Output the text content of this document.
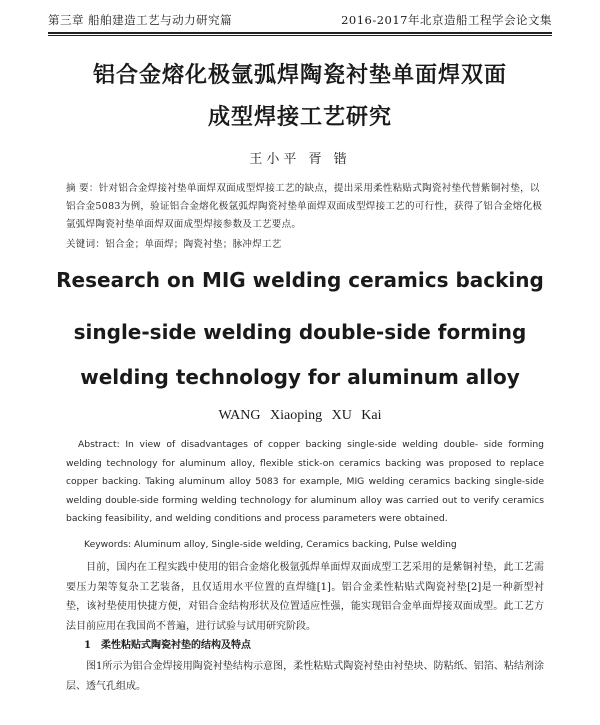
第三章 船舶建造工艺与动力研究篇	2016-2017年北京造船工程学会论文集
铝合金熔化极氩弧焊陶瓷衬垫单面焊双面
成型焊接工艺研究
王小平 胥 锴
摘 要：针对铝合金焊接衬垫单面焊双面成型焊接工艺的缺点，提出采用柔性粘贴式陶瓷衬垫代替紫铜衬垫，以铝合金5083为例，验证铝合金熔化极氩弧焊陶瓷衬垫单面焊双面成型焊接工艺的可行性，获得了铝合金熔化极氩弧焊陶瓷衬垫单面焊双面成型焊接参数及工艺要点。
关键词：铝合金；单面焊；陶瓷衬垫；脉冲焊工艺
Research on MIG welding ceramics backing
single-side welding double-side forming
welding technology for aluminum alloy
WANG Xiaoping XU Kai
Abstract: In view of disadvantages of copper backing single-side welding double- side forming welding technology for aluminum alloy, flexible stick-on ceramics backing was proposed to replace copper backing. Taking aluminum alloy 5083 for example, MIG welding ceramics backing single-side welding double-side forming welding technology for aluminum alloy was carried out to verify ceramics backing feasibility, and welding conditions and process parameters were obtained.
Keywords: Aluminum alloy, Single-side welding, Ceramics backing, Pulse welding
目前，国内在工程实践中使用的铝合金熔化极氩弧焊单面焊双面成型工艺采用的是紫铜衬垫，此工艺需要压力架等复杂工艺装备，且仅适用水平位置的直焊缝[1]。铝合金柔性粘贴式陶瓷衬垫[2]是一种新型衬垫，该衬垫使用快捷方便，对铝合金结构形状及位置适应性强，能实现铝合金单面焊接双面成型。此工艺方法目前应用在我国尚不普遍，进行试验与试用研究阶段。
1 柔性粘贴式陶瓷衬垫的结构及特点
图1所示为铝合金焊接用陶瓷衬垫结构示意图，柔性粘贴式陶瓷衬垫由衬垫块、防粘纸、铝箔、粘结剂涂层、透气孔组成。
